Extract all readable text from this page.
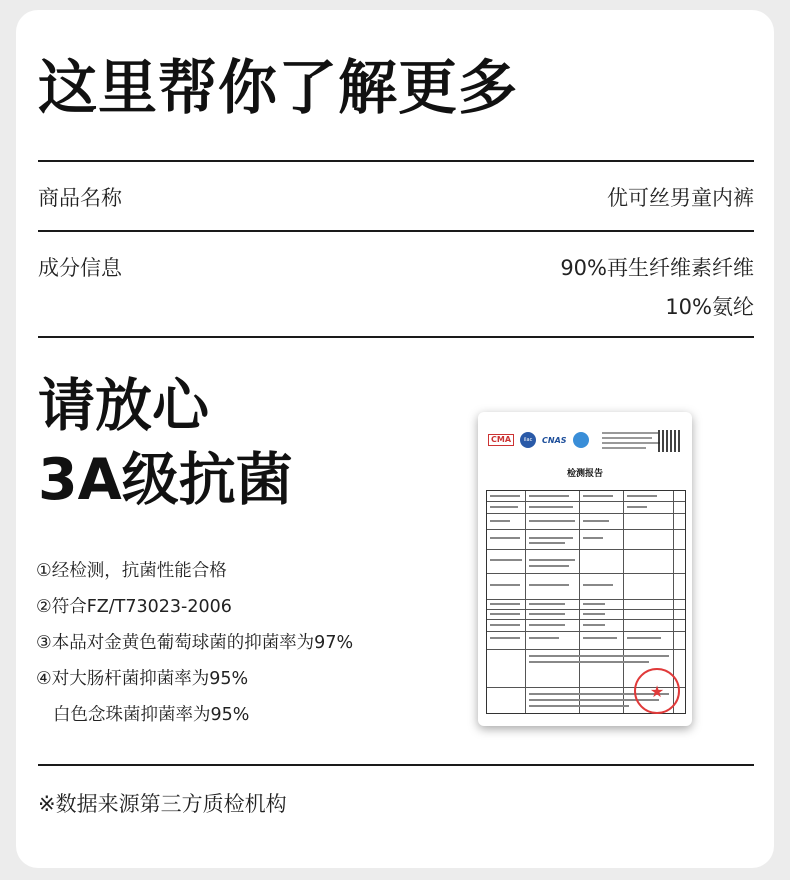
这里帮你了解更多
商品名称	优可丝男童内裤
成分信息	90%再生纤维素纤维
10%氨纶
请放心
3A级抗菌
①经检测，抗菌性能合格
②符合FZ/T73023-2006
③本品对金黄色葡萄球菌的抑菌率为97%
④对大肠杆菌抑菌率为95%
白色念珠菌抑菌率为95%
CMA	ilac	CNAS
检测报告
★
※数据来源第三方质检机构
